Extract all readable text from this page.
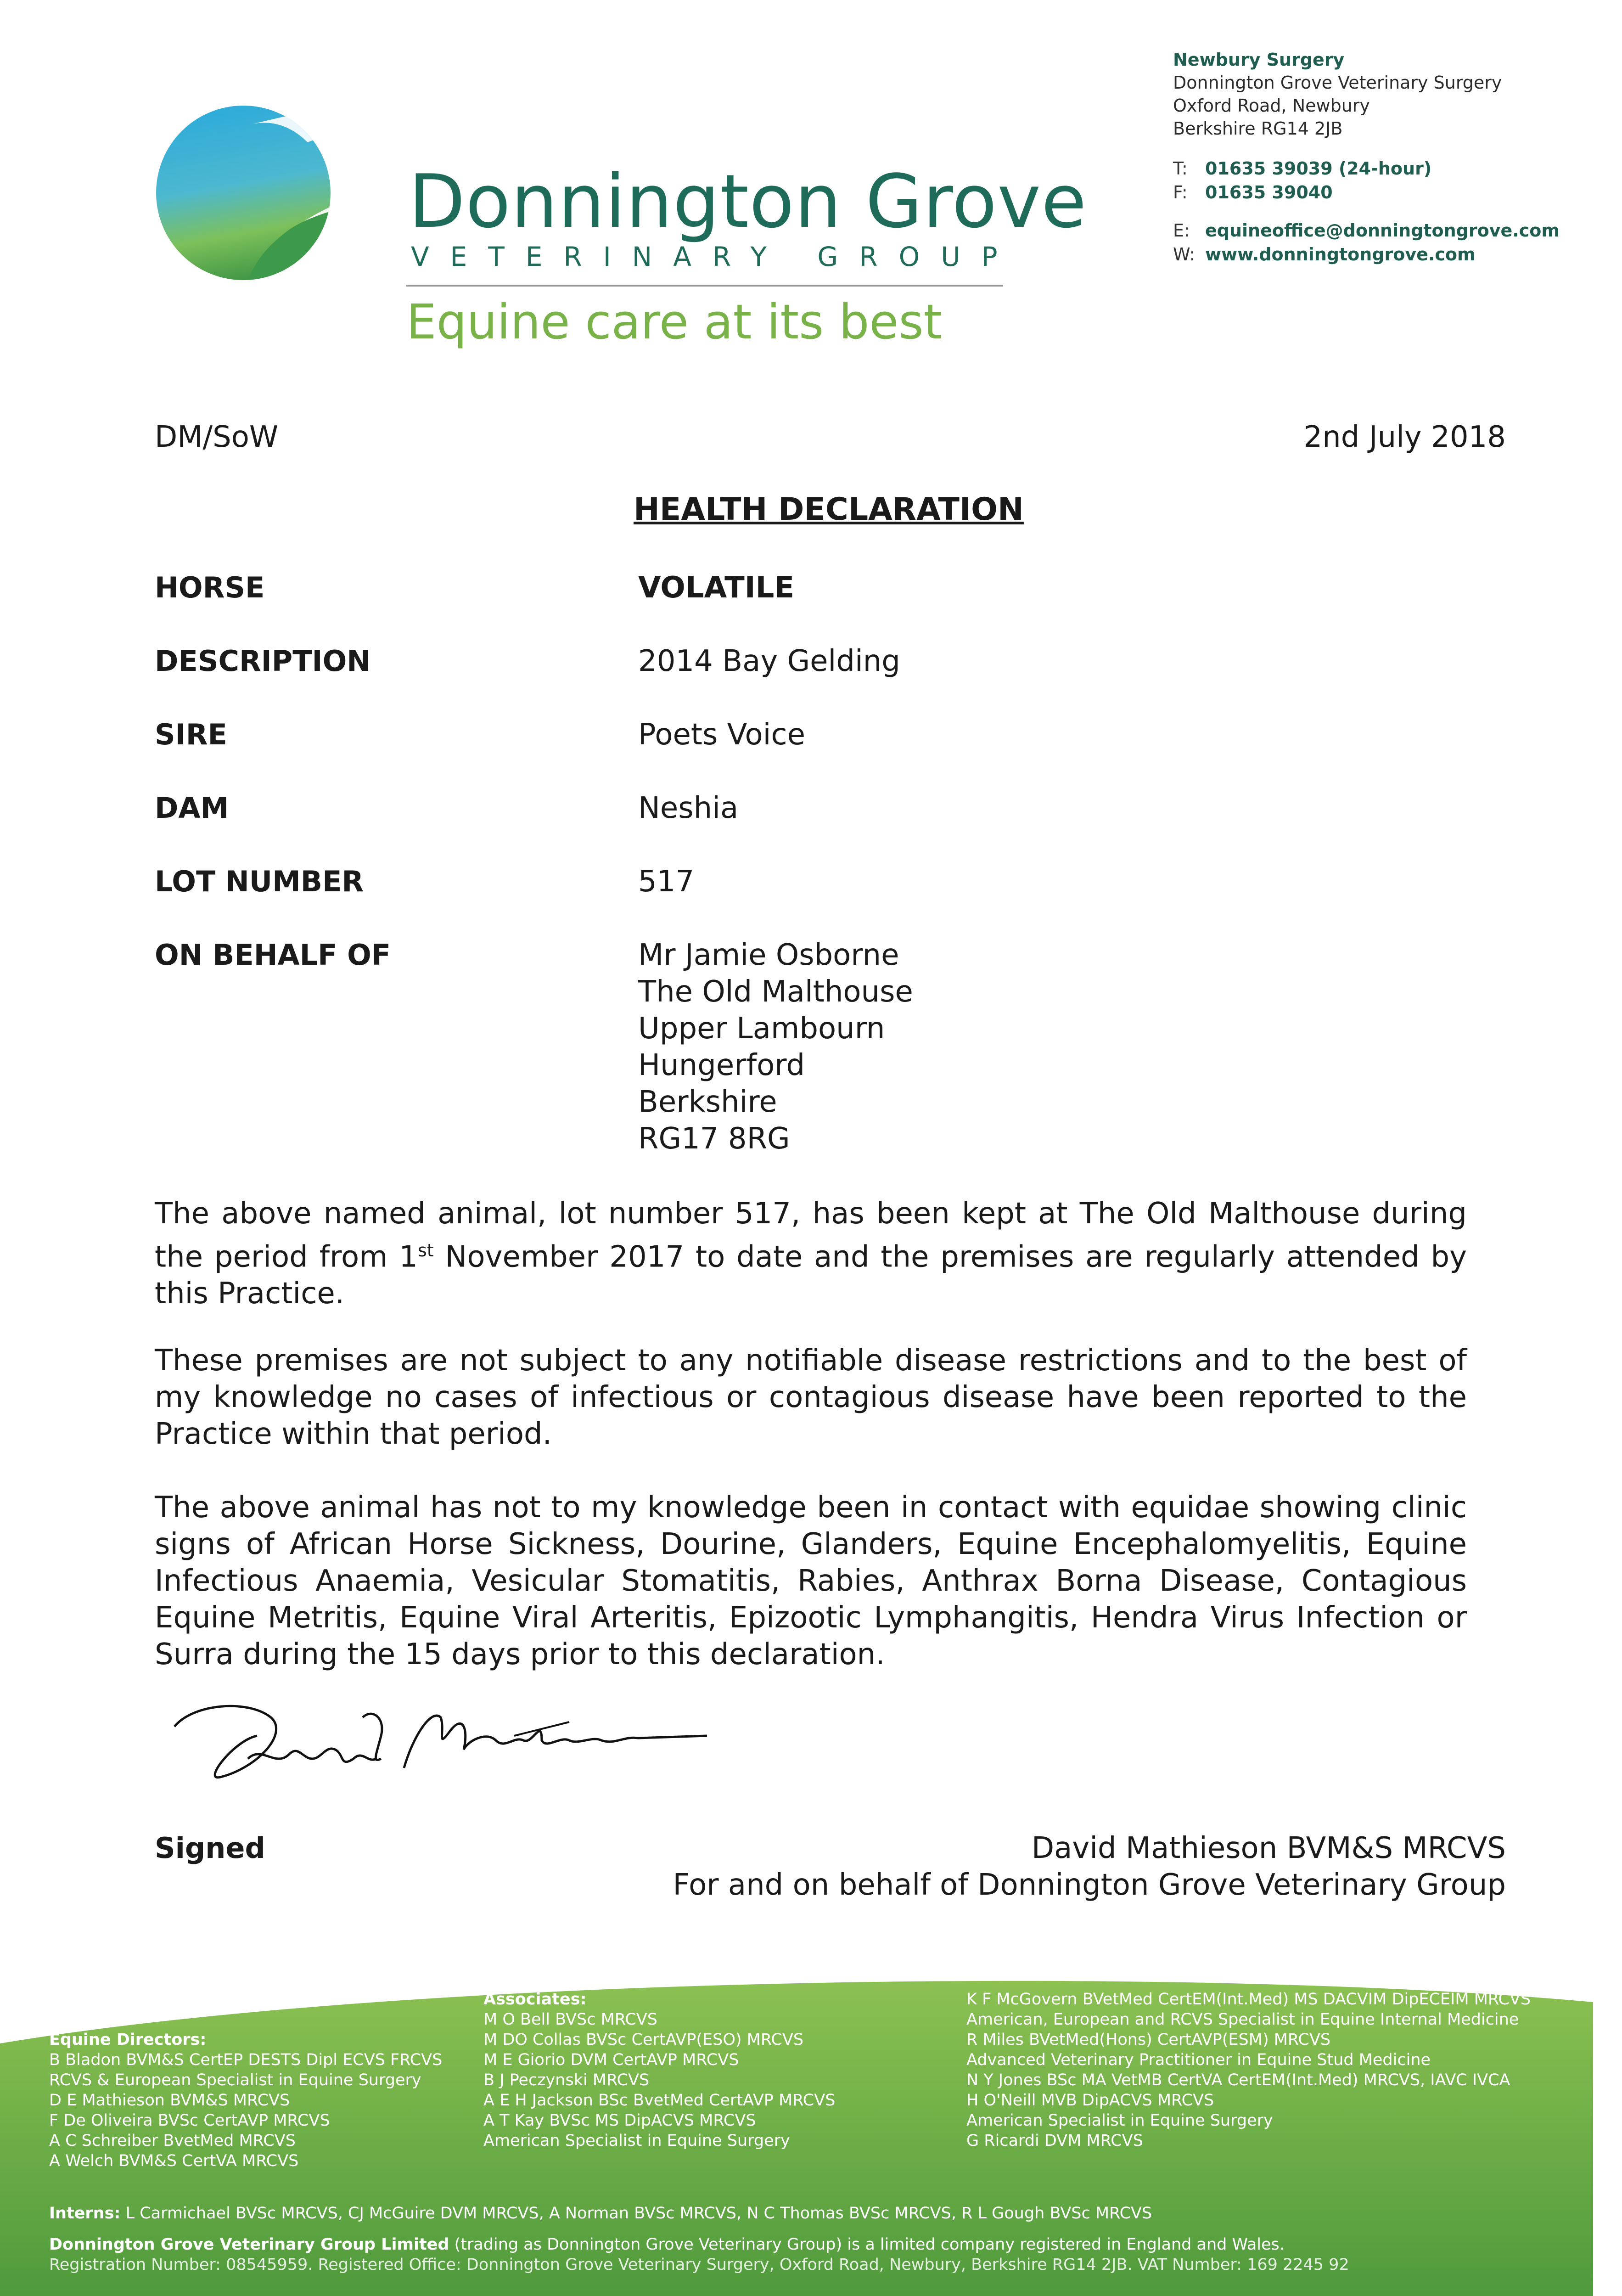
Donnington Grove
VETERINARY GROUP
Equine care at its best
Newbury Surgery
Donnington Grove Veterinary Surgery
Oxford Road, Newbury
Berkshire RG14 2JB
T: 01635 39039 (24-hour)
F: 01635 39040
E: equineoffice@donningtongrove.com
W: www.donningtongrove.com
DM/SoW	2nd July 2018
HEALTH DECLARATION
HORSE	VOLATILE
DESCRIPTION	2014 Bay Gelding
SIRE	Poets Voice
DAM	Neshia
LOT NUMBER	517
ON BEHALF OF	Mr Jamie Osborne
The Old Malthouse
Upper Lambourn
Hungerford
Berkshire
RG17 8RG
The above named animal, lot number 517, has been kept at The Old Malthouse during the period from 1st November 2017 to date and the premises are regularly attended by this Practice.
These premises are not subject to any notifiable disease restrictions and to the best of my knowledge no cases of infectious or contagious disease have been reported to the Practice within that period.
The above animal has not to my knowledge been in contact with equidae showing clinic signs of African Horse Sickness, Dourine, Glanders, Equine Encephalomyelitis, Equine Infectious Anaemia, Vesicular Stomatitis, Rabies, Anthrax Borna Disease, Contagious Equine Metritis, Equine Viral Arteritis, Epizootic Lymphangitis, Hendra Virus Infection or Surra during the 15 days prior to this declaration.
Signed	David Mathieson BVM&S MRCVS
For and on behalf of Donnington Grove Veterinary Group
Equine Directors:
B Bladon BVM&S CertEP DESTS Dipl ECVS FRCVS
RCVS & European Specialist in Equine Surgery
D E Mathieson BVM&S MRCVS
F De Oliveira BVSc CertAVP MRCVS
A C Schreiber BvetMed MRCVS
A Welch BVM&S CertVA MRCVS
Associates:
M O Bell BVSc MRCVS
M DO Collas BVSc CertAVP(ESO) MRCVS
M E Giorio DVM CertAVP MRCVS
B J Peczynski MRCVS
A E H Jackson BSc BvetMed CertAVP MRCVS
A T Kay BVSc MS DipACVS MRCVS
American Specialist in Equine Surgery
K F McGovern BVetMed CertEM(Int.Med) MS DACVIM DipECEIM MRCVS
American, European and RCVS Specialist in Equine Internal Medicine
R Miles BVetMed(Hons) CertAVP(ESM) MRCVS
Advanced Veterinary Practitioner in Equine Stud Medicine
N Y Jones BSc MA VetMB CertVA CertEM(Int.Med) MRCVS, IAVC IVCA
H O'Neill MVB DipACVS MRCVS
American Specialist in Equine Surgery
G Ricardi DVM MRCVS
Interns: L Carmichael BVSc MRCVS, CJ McGuire DVM MRCVS, A Norman BVSc MRCVS, N C Thomas BVSc MRCVS, R L Gough BVSc MRCVS
Donnington Grove Veterinary Group Limited (trading as Donnington Grove Veterinary Group) is a limited company registered in England and Wales.
Registration Number: 08545959. Registered Office: Donnington Grove Veterinary Surgery, Oxford Road, Newbury, Berkshire RG14 2JB. VAT Number: 169 2245 92
